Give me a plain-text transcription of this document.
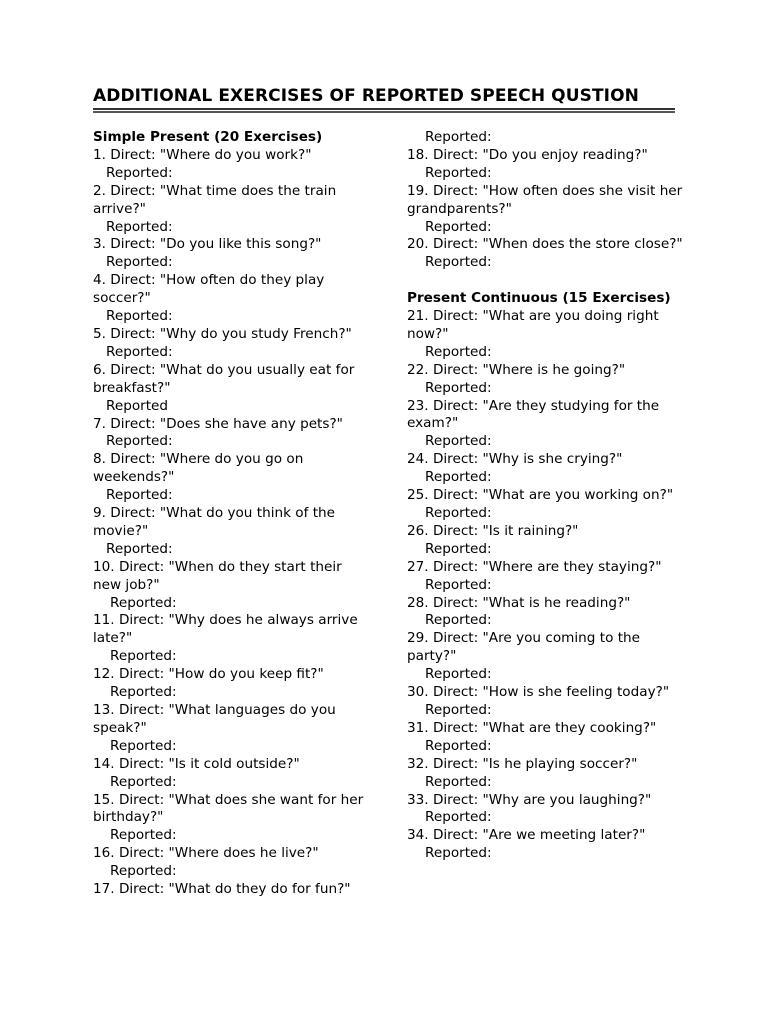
ADDITIONAL EXERCISES OF REPORTED SPEECH QUSTION
Simple Present (20 Exercises)
1. Direct: "Where do you work?"
Reported:
2. Direct: "What time does the train arrive?"
Reported:
3. Direct: "Do you like this song?"
Reported:
4. Direct: "How often do they play soccer?"
Reported:
5. Direct: "Why do you study French?"
Reported:
6. Direct: "What do you usually eat for breakfast?"
Reported
7. Direct: "Does she have any pets?"
Reported:
8. Direct: "Where do you go on weekends?"
Reported:
9. Direct: "What do you think of the movie?"
Reported:
10. Direct: "When do they start their new job?"
Reported:
11. Direct: "Why does he always arrive late?"
Reported:
12. Direct: "How do you keep fit?"
Reported:
13. Direct: "What languages do you speak?"
Reported:
14. Direct: "Is it cold outside?"
Reported:
15. Direct: "What does she want for her birthday?"
Reported:
16. Direct: "Where does he live?"
Reported:
17. Direct: "What do they do for fun?"
Reported:
18. Direct: "Do you enjoy reading?"
Reported:
19. Direct: "How often does she visit her grandparents?"
Reported:
20. Direct: "When does the store close?"
Reported:
Present Continuous (15 Exercises)
21. Direct: "What are you doing right now?"
Reported:
22. Direct: "Where is he going?"
Reported:
23. Direct: "Are they studying for the exam?"
Reported:
24. Direct: "Why is she crying?"
Reported:
25. Direct: "What are you working on?"
Reported:
26. Direct: "Is it raining?"
Reported:
27. Direct: "Where are they staying?"
Reported:
28. Direct: "What is he reading?"
Reported:
29. Direct: "Are you coming to the party?"
Reported:
30. Direct: "How is she feeling today?"
Reported:
31. Direct: "What are they cooking?"
Reported:
32. Direct: "Is he playing soccer?"
Reported:
33. Direct: "Why are you laughing?"
Reported:
34. Direct: "Are we meeting later?"
Reported:
